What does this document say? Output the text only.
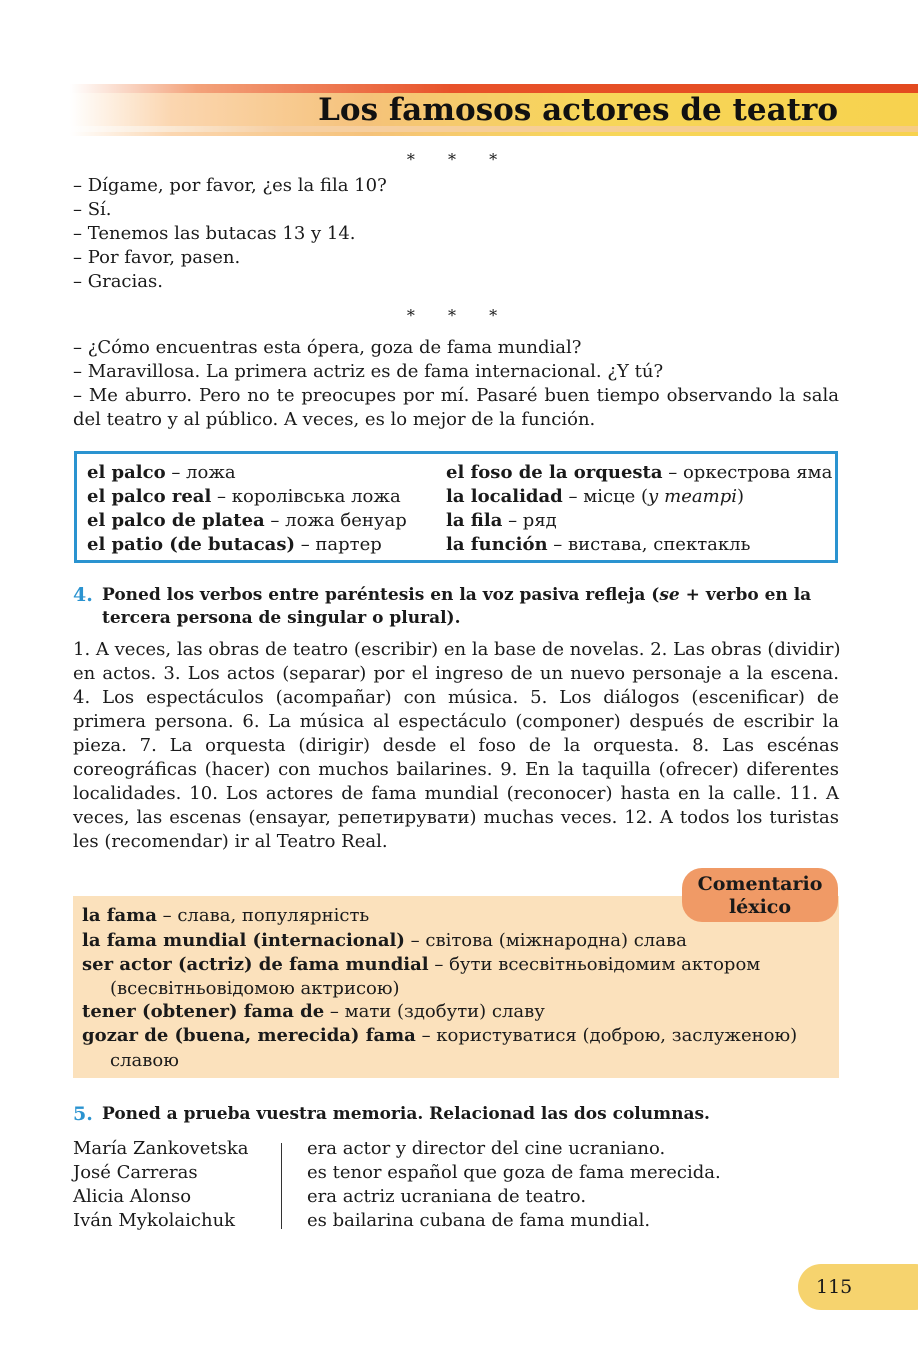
Los famosos actores de teatro
* * *
– Dígame, por favor, ¿es la fila 10?
– Sí.
– Tenemos las butacas 13 y 14.
– Por favor, pasen.
– Gracias.
* * *
– ¿Cómo encuentras esta ópera, goza de fama mundial?
– Maravillosa. La primera actriz es de fama internacional. ¿Y tú?
– Me aburro. Pero no te preocupes por mí. Pasaré buen tiempo observando la sala del teatro y al público. A veces, es lo mejor de la función.
el palco – ложа
el palco real – королівська ложа
el palco de platea – ложа бенуар
el patio (de butacas) – партер
el foso de la orquesta – оркестрова яма
la localidad – місце (у театрі)
la fila – ряд
la función – вистава, спектакль
4. Poned los verbos entre paréntesis en la voz pasiva refleja (se + verbo en la
tercera persona de singular o plural).
1. A veces, las obras de teatro (escribir) en la base de novelas. 2. Las obras (dividir)
en actos. 3. Los actos (separar) por el ingreso de un nuevo personaje a la escena.
4. Los espectáculos (acompañar) con música. 5. Los diálogos (escenificar) de
primera persona. 6. La música al espectáculo (componer) después de escribir la
pieza. 7. La orquesta (dirigir) desde el foso de la orquesta. 8. Las escénas
coreográficas (hacer) con muchos bailarines. 9. En la taquilla (ofrecer) diferentes
localidades. 10. Los actores de fama mundial (reconocer) hasta en la calle. 11. A
veces, las escenas (ensayar, репетирувати) muchas veces. 12. A todos los turistas
les (recomendar) ir al Teatro Real.
Comentario
léxico
la fama – слава, популярність
la fama mundial (internacional) – світова (міжнародна) слава
ser actor (actriz) de fama mundial – бути всесвітньовідомим актором
(всесвітньовідомою актрисою)
tener (obtener) fama de – мати (здобути) славу
gozar de (buena, merecida) fama – користуватися (доброю, заслуженою)
славою
5. Poned a prueba vuestra memoria. Relacionad las dos columnas.
María Zankovetska
José Carreras
Alicia Alonso
Iván Mykolaichuk
era actor y director del cine ucraniano.
es tenor español que goza de fama merecida.
era actriz ucraniana de teatro.
es bailarina cubana de fama mundial.
115
